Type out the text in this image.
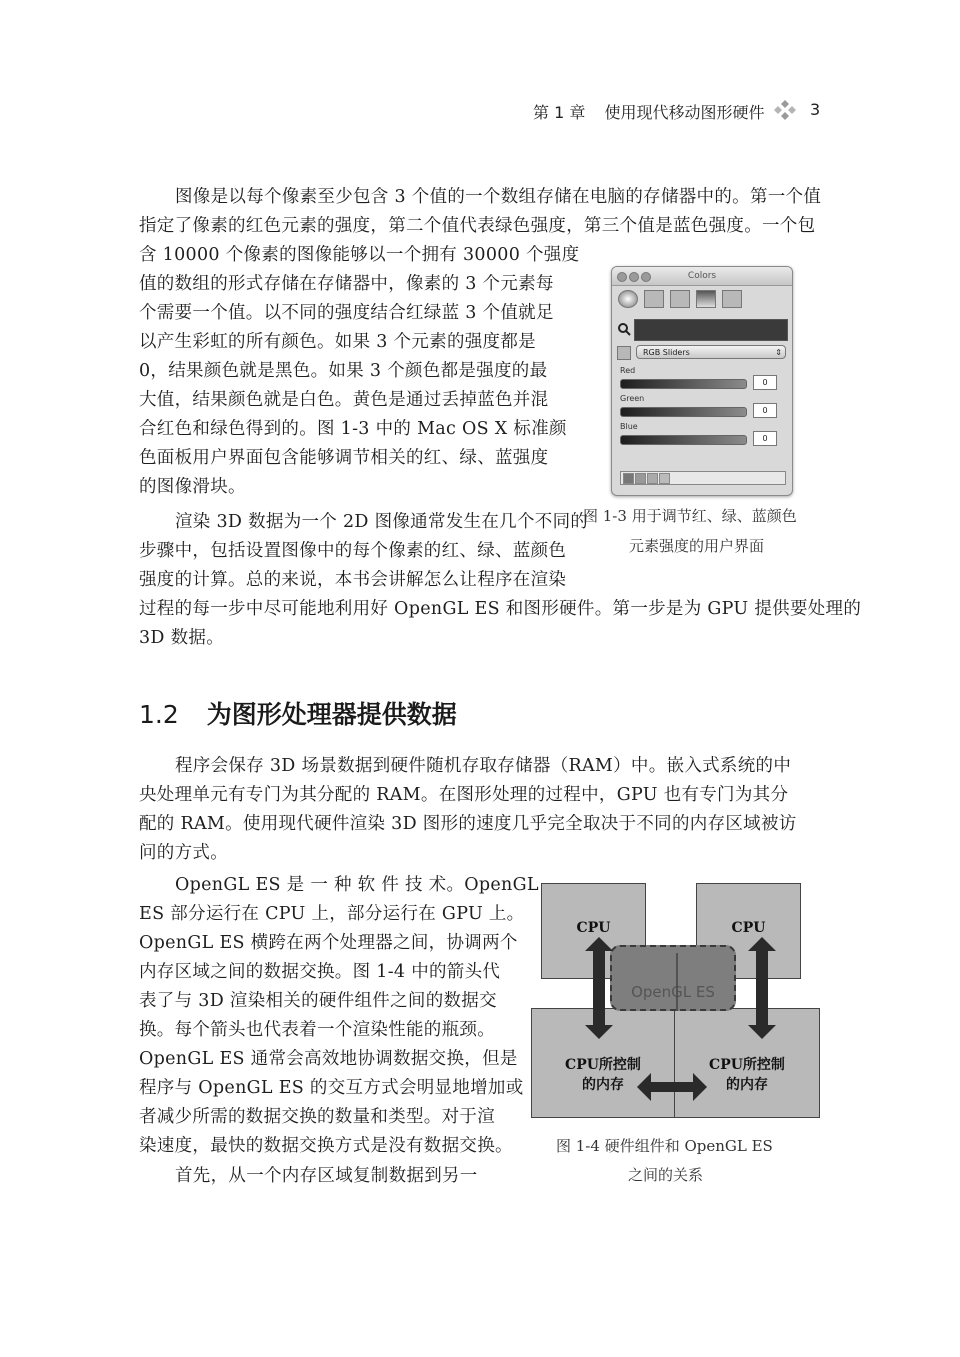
第 1 章 使用现代移动图形硬件	3
图像是以每个像素至少包含 3 个值的一个数组存储在电脑的存储器中的。第一个值
指定了像素的红色元素的强度，第二个值代表绿色强度，第三个值是蓝色强度。一个包
含 10000 个像素的图像能够以一个拥有 30000 个强度
值的数组的形式存储在存储器中，像素的 3 个元素每
个需要一个值。以不同的强度结合红绿蓝 3 个值就足
以产生彩虹的所有颜色。如果 3 个元素的强度都是
0，结果颜色就是黑色。如果 3 个颜色都是强度的最
大值，结果颜色就是白色。黄色是通过丢掉蓝色并混
合红色和绿色得到的。图 1-3 中的 Mac OS X 标准颜
色面板用户界面包含能够调节相关的红、绿、蓝强度
的图像滑块。
渲染 3D 数据为一个 2D 图像通常发生在几个不同的
步骤中，包括设置图像中的每个像素的红、绿、蓝颜色
强度的计算。总的来说，本书会讲解怎么让程序在渲染
过程的每一步中尽可能地利用好 OpenGL ES 和图形硬件。第一步是为 GPU 提供要处理的
3D 数据。
Colors
RGB Sliders	⇕
Red
0
Green
0
Blue
0
图 1-3 用于调节红、绿、蓝颜色
元素强度的用户界面
1.2 为图形处理器提供数据
程序会保存 3D 场景数据到硬件随机存取存储器（RAM）中。嵌入式系统的中
央处理单元有专门为其分配的 RAM。在图形处理的过程中，GPU 也有专门为其分
配的 RAM。使用现代硬件渲染 3D 图形的速度几乎完全取决于不同的内存区域被访
问的方式。
OpenGL ES 是 一 种 软 件 技 术。OpenGL
ES 部分运行在 CPU 上，部分运行在 GPU 上。
OpenGL ES 横跨在两个处理器之间，协调两个
内存区域之间的数据交换。图 1-4 中的箭头代
表了与 3D 渲染相关的硬件组件之间的数据交
换。每个箭头也代表着一个渲染性能的瓶颈。
OpenGL ES 通常会高效地协调数据交换，但是
程序与 OpenGL ES 的交互方式会明显地增加或
者减少所需的数据交换的数量和类型。对于渲
染速度，最快的数据交换方式是没有数据交换。
首先，从一个内存区域复制数据到另一
CPU	CPU
CPU所控制
的内存
CPU所控制
的内存
OpenGL ES
图 1-4 硬件组件和 OpenGL ES
之间的关系
